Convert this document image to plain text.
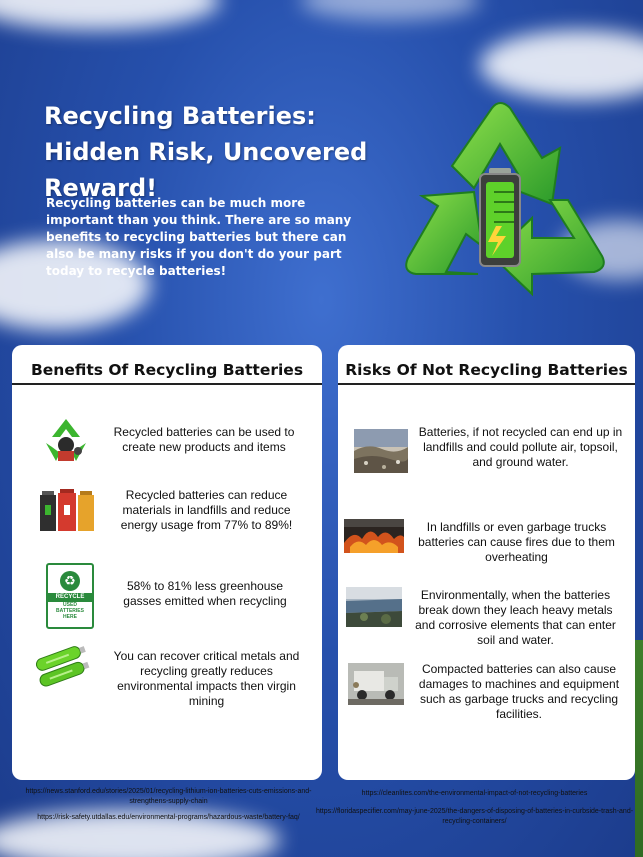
Recycling Batteries: Hidden Risk, Uncovered Reward!

Recycling batteries can be much more important than you think. There are so many benefits to recycling batteries but there can also be many risks if you don't do your part today to recycle batteries!

Benefits Of Recycling Batteries
Recycled batteries can be used to create new products and items
Recycled batteries can reduce materials in landfills and reduce energy usage from 77% to 89%!
♻
RECYCLE
USED
BATTERIES
HERE
58% to 81% less greenhouse gasses emitted when recycling
You can recover critical metals and recycling greatly reduces environmental impacts then virgin mining
Risks Of Not Recycling Batteries
Batteries, if not recycled can end up in landfills and could pollute air, topsoil, and ground water.
In landfills or even garbage trucks batteries can cause fires due to them overheating
Environmentally, when the batteries break down they leach heavy metals and corrosive elements that can enter soil and water.
Compacted batteries can also cause damages to machines and equipment such as garbage trucks and recycling facilities.
https://news.stanford.edu/stories/2025/01/recycling-lithium-ion-batteries-cuts-emissions-and-strengthens-supply-chain
https://risk-safety.utdallas.edu/environmental-programs/hazardous-waste/battery-faq/
https://cleanlites.com/the-environmental-impact-of-not-recycling-batteries
https://floridaspecifier.com/may-june-2025/the-dangers-of-disposing-of-batteries-in-curbside-trash-and-recycling-containers/
